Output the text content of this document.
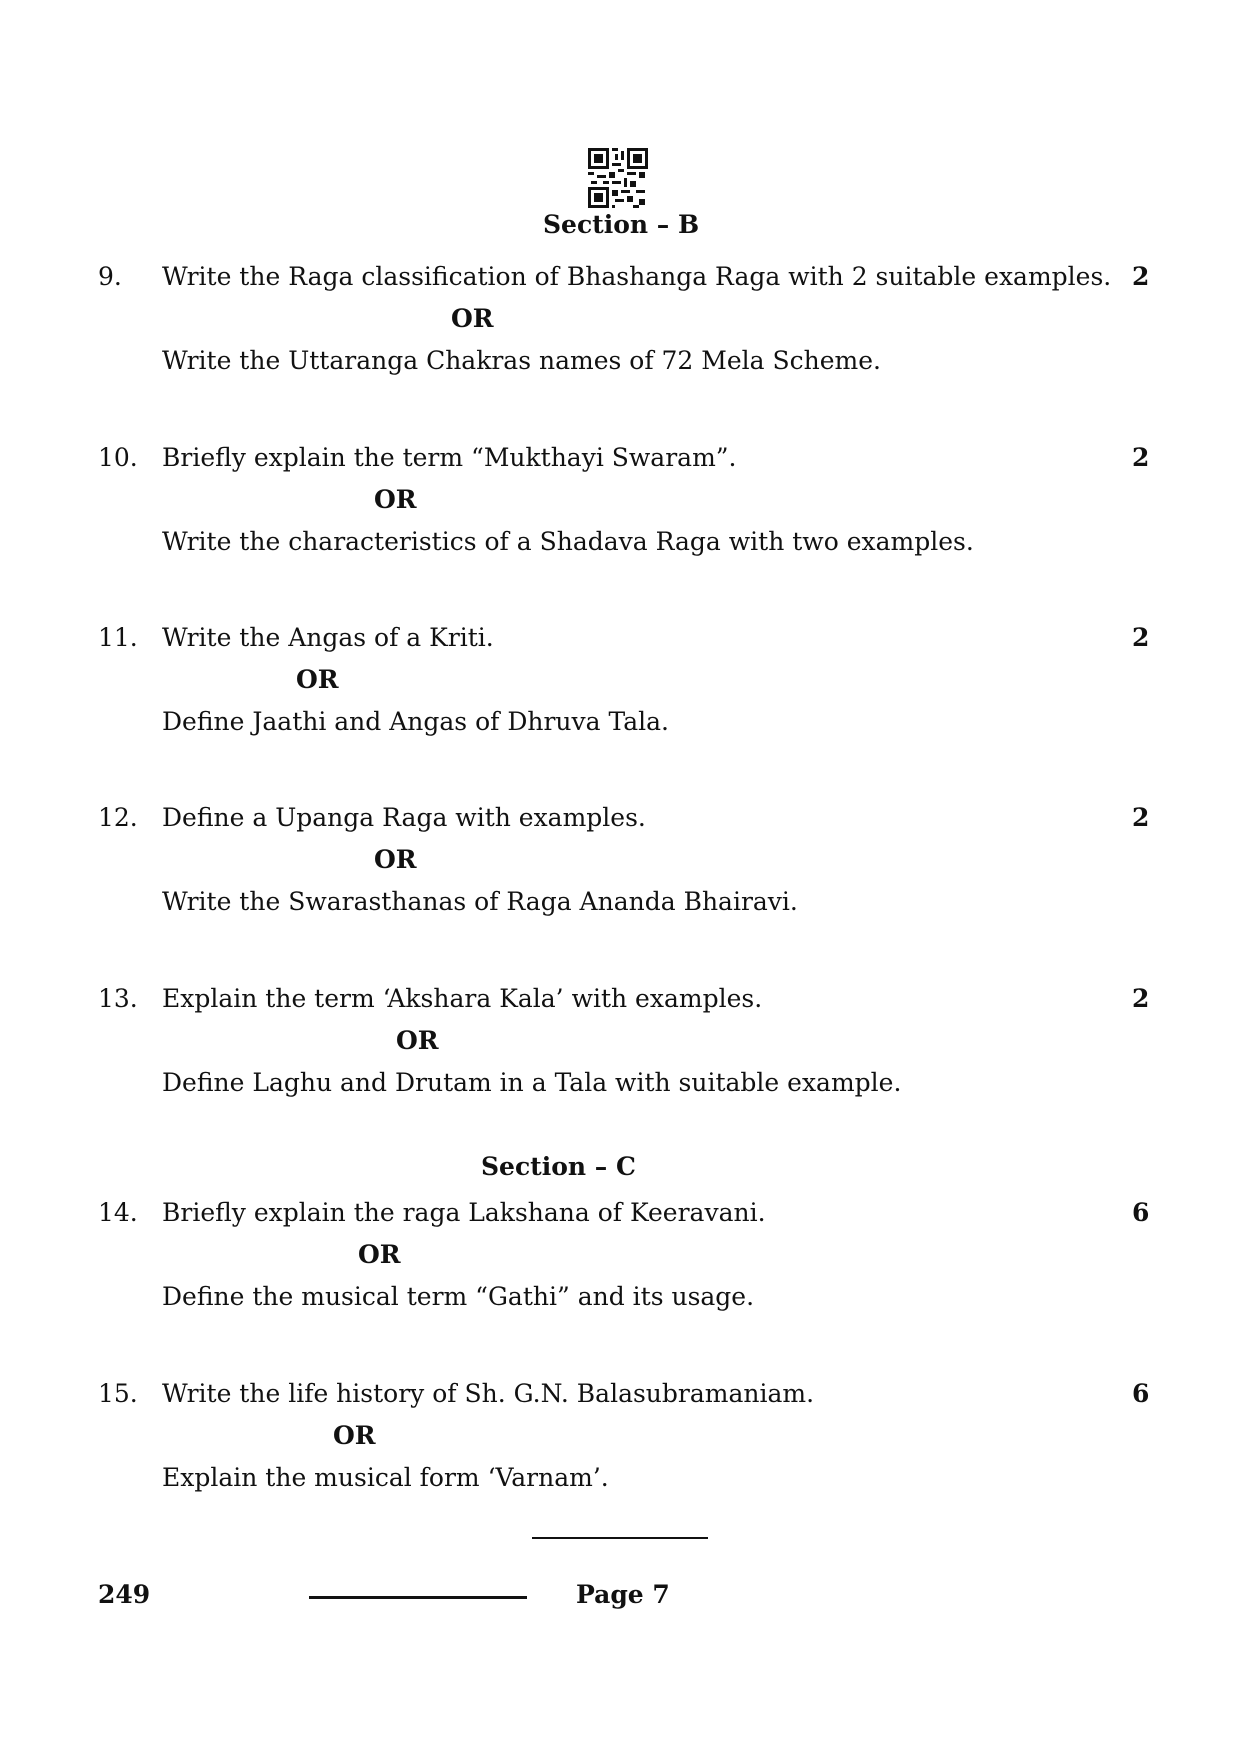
Section – B
9. Write the Raga classification of Bhashanga Raga with 2 suitable examples. 2
OR
Write the Uttaranga Chakras names of 72 Mela Scheme.
10. Briefly explain the term “Mukthayi Swaram”.	2
OR
Write the characteristics of a Shadava Raga with two examples.
11. Write the Angas of a Kriti.	2
OR
Define Jaathi and Angas of Dhruva Tala.
12. Define a Upanga Raga with examples.	2
OR
Write the Swarasthanas of Raga Ananda Bhairavi.
13. Explain the term ‘Akshara Kala’ with examples.	2
OR
Define Laghu and Drutam in a Tala with suitable example.
Section – C
14. Briefly explain the raga Lakshana of Keeravani.	6
OR
Define the musical term “Gathi” and its usage.
15. Write the life history of Sh. G.N. Balasubramaniam.	6
OR
Explain the musical form ‘Varnam’.
249	Page 7
